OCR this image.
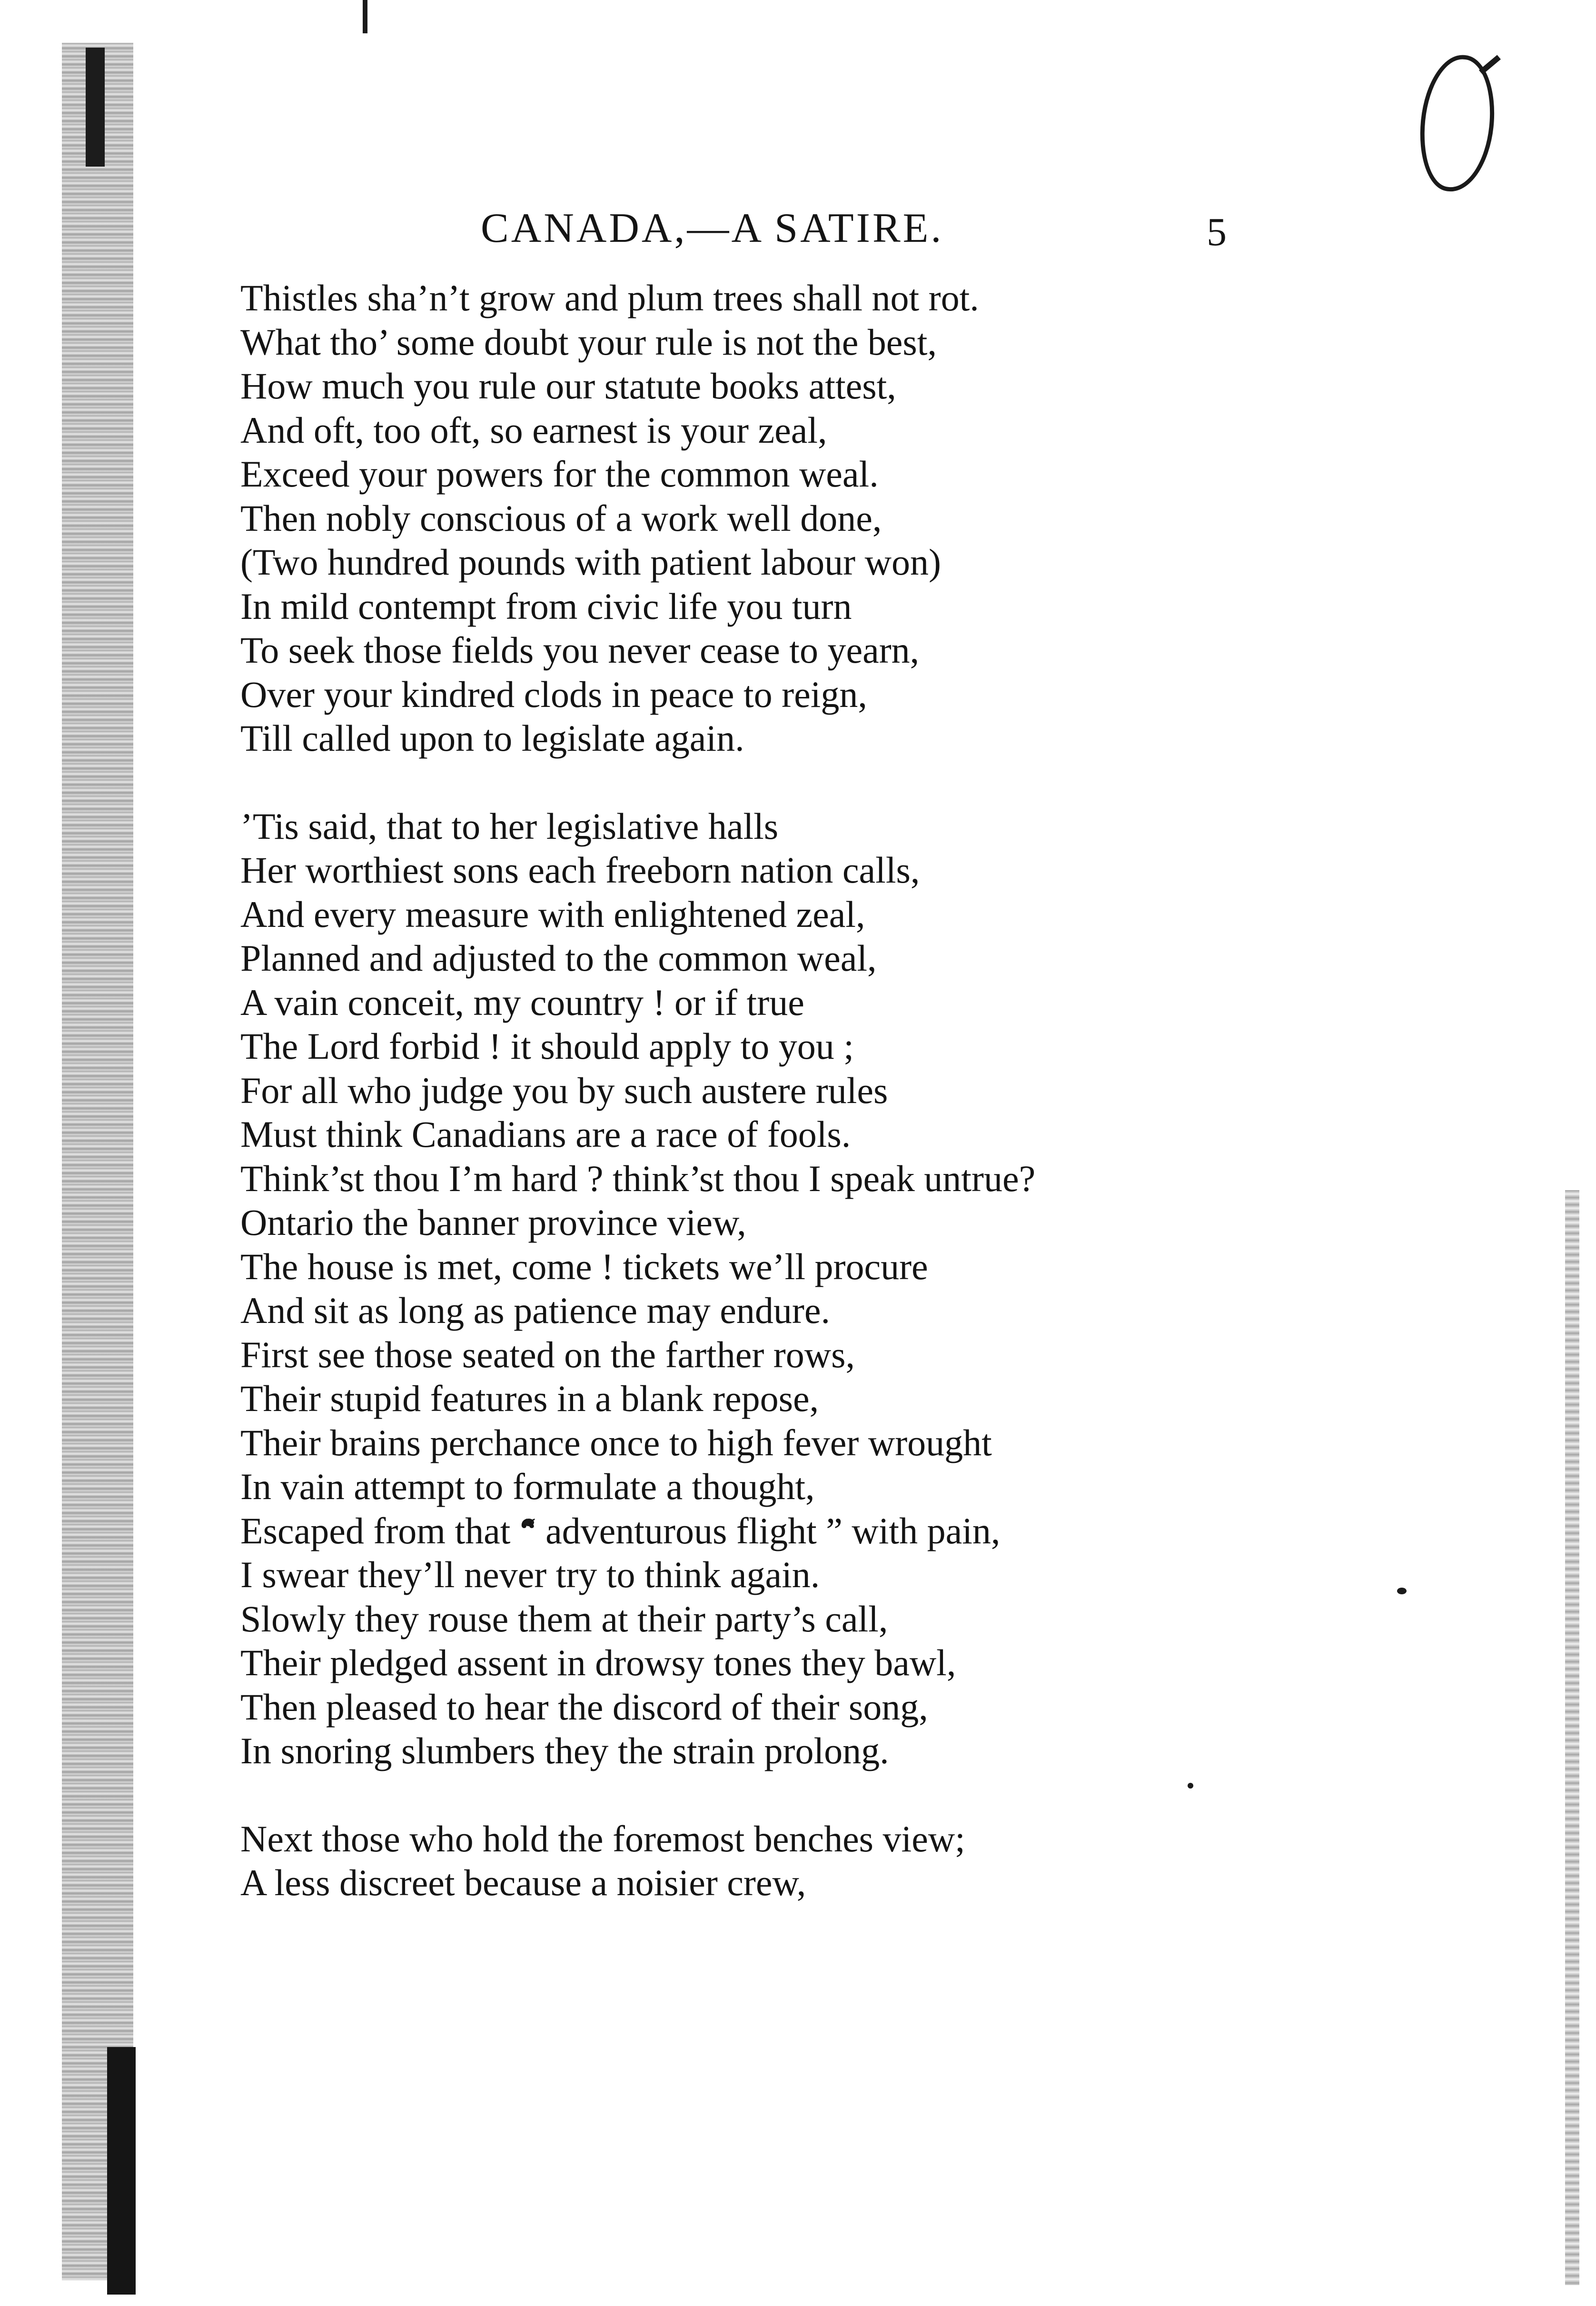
CANADA,—A SATIRE.	5
Thistles sha’n’t grow and plum trees shall not rot.
What tho’ some doubt your rule is not the best,
How much you rule our statute books attest,
And oft, too oft, so earnest is your zeal,
Exceed your powers for the common weal.
Then nobly conscious of a work well done,
(Two hundred pounds with patient labour won)
In mild contempt from civic life you turn
To seek those fields you never cease to yearn,
Over your kindred clods in peace to reign,
Till called upon to legislate again.
’Tis said, that to her legislative halls
Her worthiest sons each freeborn nation calls,
And every measure with enlightened zeal,
Planned and adjusted to the common weal,
A vain conceit, my country ! or if true
The Lord forbid ! it should apply to you ;
For all who judge you by such austere rules
Must think Canadians are a race of fools.
Think’st thou I’m hard ? think’st thou I speak untrue?
Ontario the banner province view,
The house is met, come ! tickets we’ll procure
And sit as long as patience may endure.
First see those seated on the farther rows,
Their stupid features in a blank repose,
Their brains perchance once to high fever wrought
In vain attempt to formulate a thought,
Escaped from that “ adventurous flight ” with pain,
I swear they’ll never try to think again.
Slowly they rouse them at their party’s call,
Their pledged assent in drowsy tones they bawl,
Then pleased to hear the discord of their song,
In snoring slumbers they the strain prolong.
Next those who hold the foremost benches view;
A less discreet because a noisier crew,
